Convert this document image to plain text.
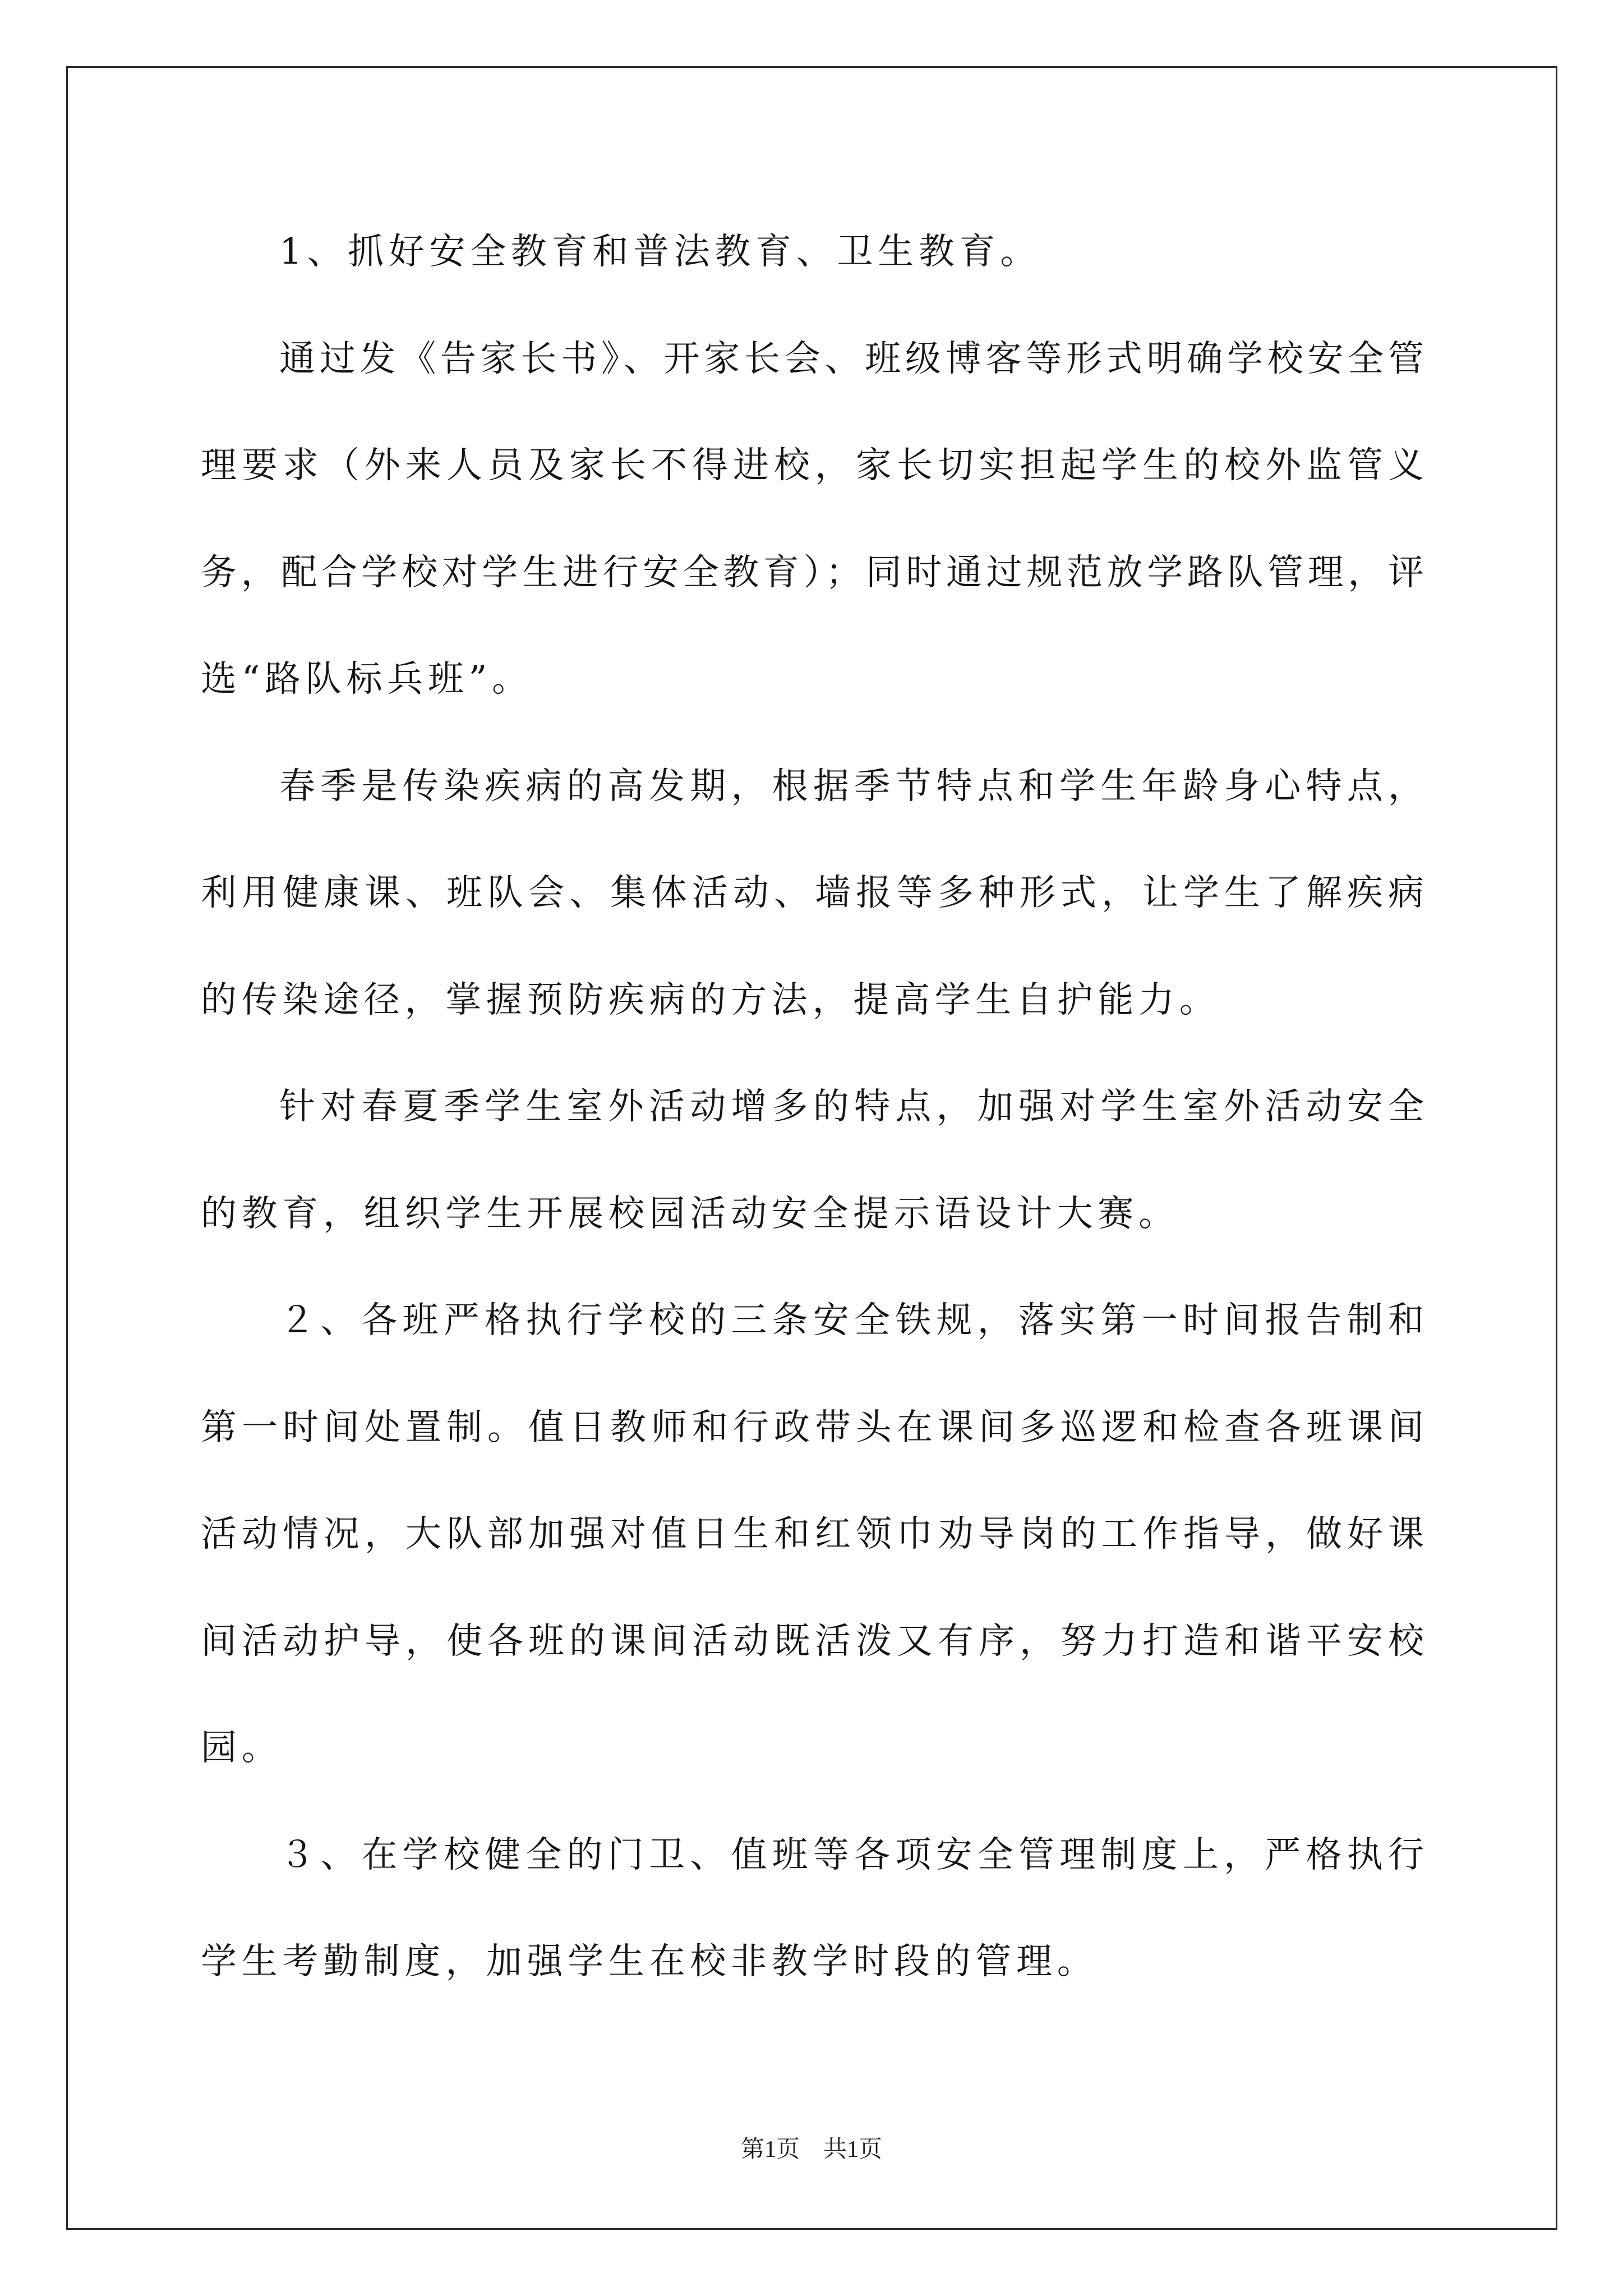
1、抓好安全教育和普法教育、卫生教育。
通过发《告家长书》、开家长会、班级博客等形式明确学校安全管
理要求（外来人员及家长不得进校，家长切实担起学生的校外监管义
务，配合学校对学生进行安全教育）；同时通过规范放学路队管理，评
选“路队标兵班”。
春季是传染疾病的高发期，根据季节特点和学生年龄身心特点，
利用健康课、班队会、集体活动、墙报等多种形式，让学生了解疾病
的传染途径，掌握预防疾病的方法，提高学生自护能力。
针对春夏季学生室外活动增多的特点，加强对学生室外活动安全
的教育，组织学生开展校园活动安全提示语设计大赛。
２、各班严格执行学校的三条安全铁规，落实第一时间报告制和
第一时间处置制。值日教师和行政带头在课间多巡逻和检查各班课间
活动情况，大队部加强对值日生和红领巾劝导岗的工作指导，做好课
间活动护导，使各班的课间活动既活泼又有序，努力打造和谐平安校
园。
３、在学校健全的门卫、值班等各项安全管理制度上，严格执行
学生考勤制度，加强学生在校非教学时段的管理。
第1页　共1页
